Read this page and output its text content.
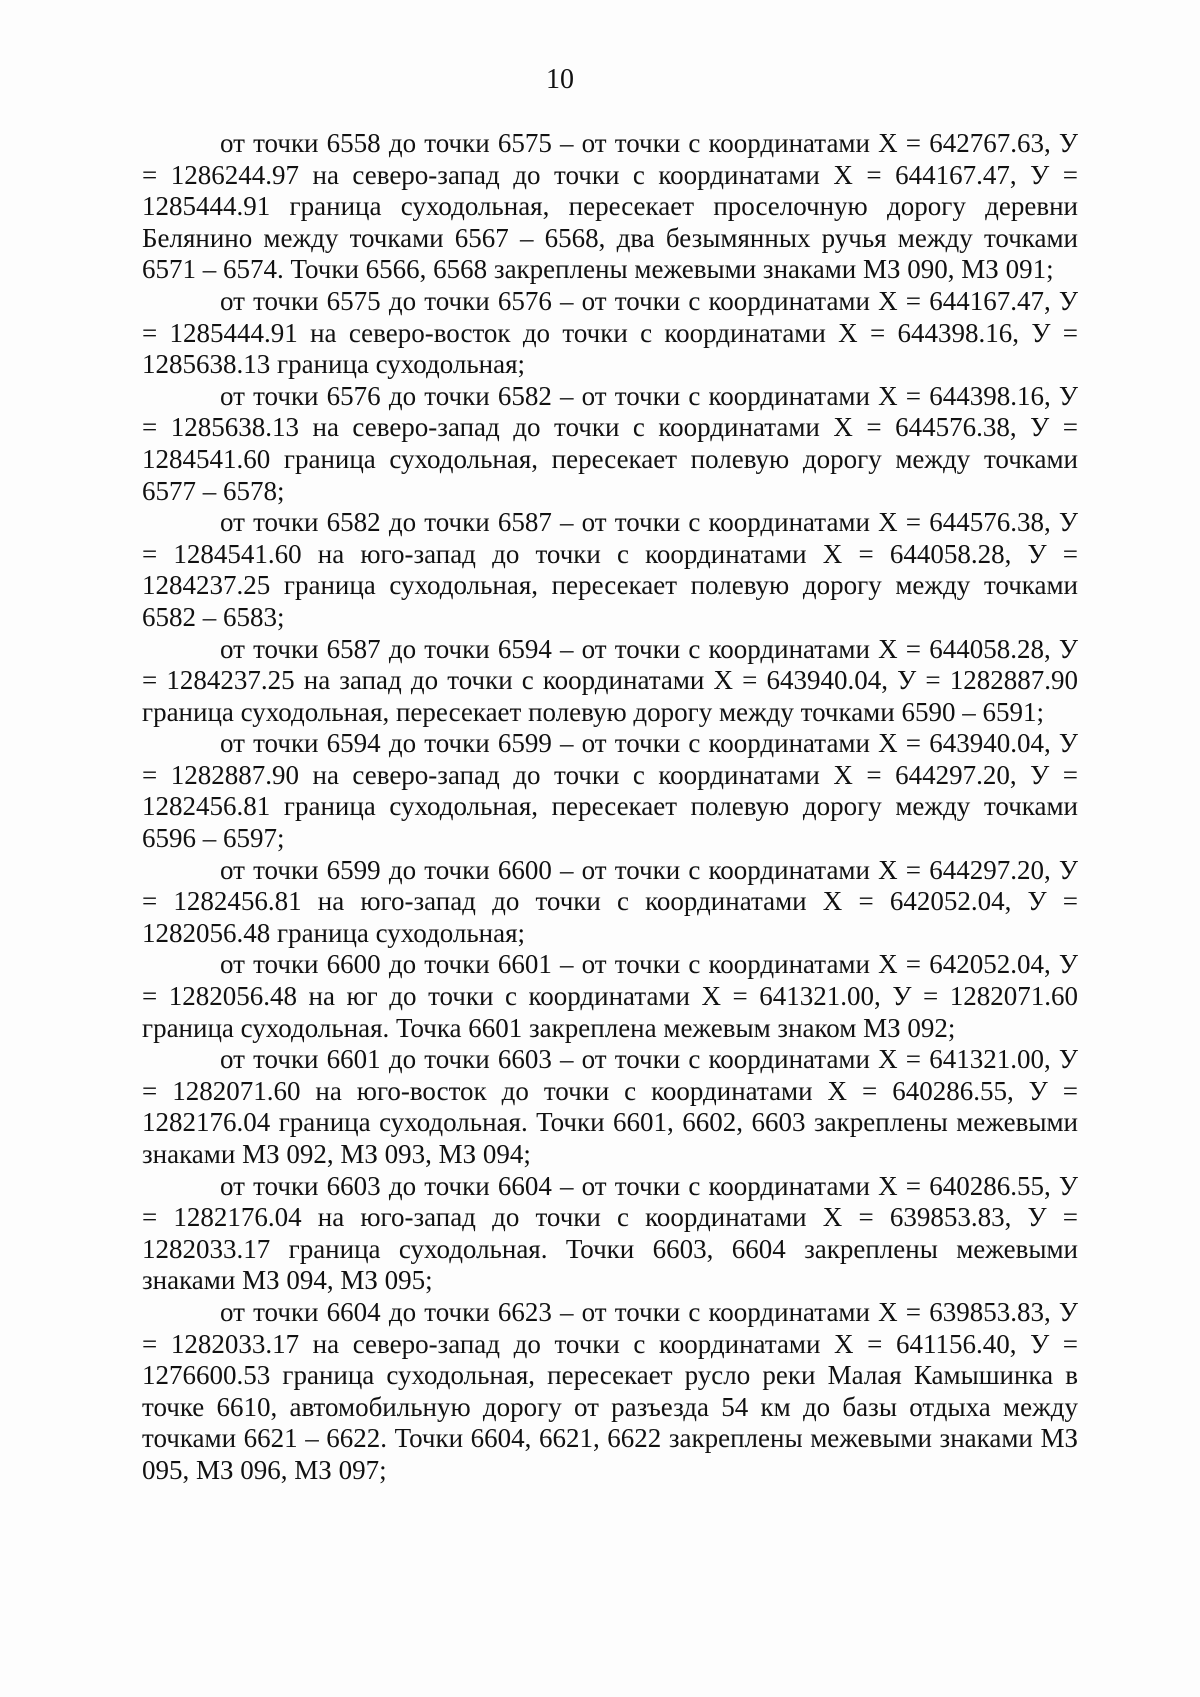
10

от точки 6558 до точки 6575 – от точки с координатами Х = 642767.63, У = 1286244.97 на северо-запад до точки с координатами Х = 644167.47, У = 1285444.91 граница суходольная, пересекает проселочную дорогу деревни Белянино между точками 6567 – 6568, два безымянных ручья между точками 6571 – 6574. Точки 6566, 6568 закреплены межевыми знаками МЗ 090, МЗ 091;

от точки 6575 до точки 6576 – от точки с координатами Х = 644167.47, У = 1285444.91 на северо-восток до точки с координатами Х = 644398.16, У = 1285638.13 граница суходольная;

от точки 6576 до точки 6582 – от точки с координатами Х = 644398.16, У = 1285638.13 на северо-запад до точки с координатами Х = 644576.38, У = 1284541.60 граница суходольная, пересекает полевую дорогу между точками 6577 – 6578;

от точки 6582 до точки 6587 – от точки с координатами Х = 644576.38, У = 1284541.60 на юго-запад до точки с координатами Х = 644058.28, У = 1284237.25 граница суходольная, пересекает полевую дорогу между точками 6582 – 6583;

от точки 6587 до точки 6594 – от точки с координатами Х = 644058.28, У = 1284237.25 на запад до точки с координатами Х = 643940.04, У = 1282887.90 граница суходольная, пересекает полевую дорогу между точками 6590 – 6591;

от точки 6594 до точки 6599 – от точки с координатами Х = 643940.04, У = 1282887.90 на северо-запад до точки с координатами Х = 644297.20, У = 1282456.81 граница суходольная, пересекает полевую дорогу между точками 6596 – 6597;

от точки 6599 до точки 6600 – от точки с координатами Х = 644297.20, У = 1282456.81 на юго-запад до точки с координатами Х = 642052.04, У = 1282056.48 граница суходольная;

от точки 6600 до точки 6601 – от точки с координатами Х = 642052.04, У = 1282056.48 на юг до точки с координатами Х = 641321.00, У = 1282071.60 граница суходольная. Точка 6601 закреплена межевым знаком МЗ 092;

от точки 6601 до точки 6603 – от точки с координатами Х = 641321.00, У = 1282071.60 на юго-восток до точки с координатами Х = 640286.55, У = 1282176.04 граница суходольная. Точки 6601, 6602, 6603 закреплены межевыми знаками МЗ 092, МЗ 093, МЗ 094;

от точки 6603 до точки 6604 – от точки с координатами Х = 640286.55, У = 1282176.04 на юго-запад до точки с координатами Х = 639853.83, У = 1282033.17 граница суходольная. Точки 6603, 6604 закреплены межевыми знаками МЗ 094, МЗ 095;

от точки 6604 до точки 6623 – от точки с координатами Х = 639853.83, У = 1282033.17 на северо-запад до точки с координатами Х = 641156.40, У = 1276600.53 граница суходольная, пересекает русло реки Малая Камышинка в точке 6610, автомобильную дорогу от разъезда 54 км до базы отдыха между точками 6621 – 6622. Точки 6604, 6621, 6622 закреплены межевыми знаками МЗ 095, МЗ 096, МЗ 097;
